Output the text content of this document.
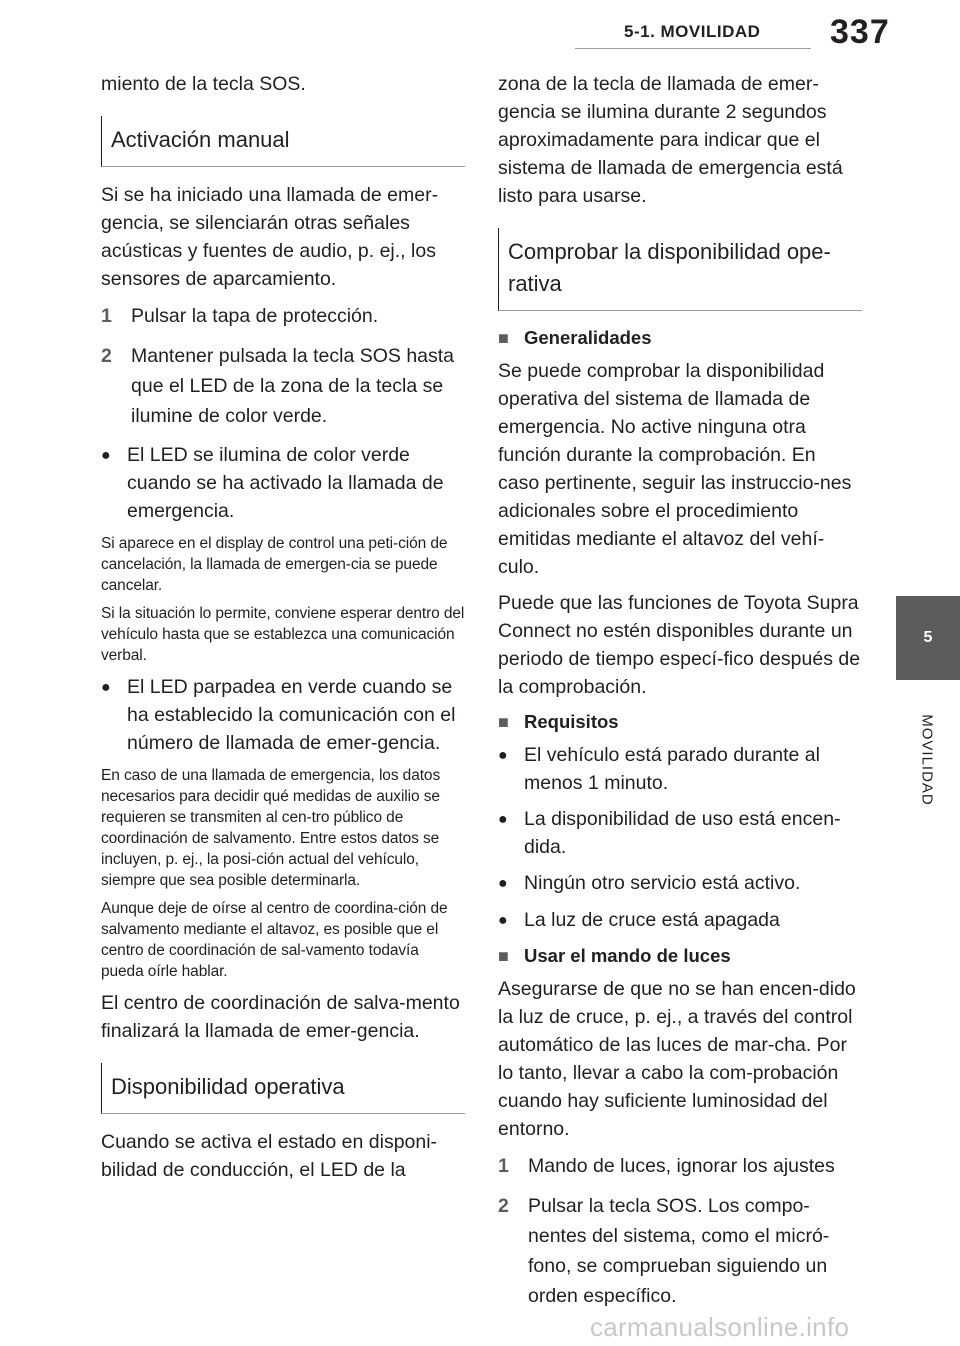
5-1. MOVILIDAD 337
5
MOVILIDAD

miento de la tecla SOS.

Activación manual

Si se ha iniciado una llamada de emer-gencia, se silenciarán otras señales acústicas y fuentes de audio, p. ej., los sensores de aparcamiento.

1 Pulsar la tapa de protección.
2 Mantener pulsada la tecla SOS hasta que el LED de la zona de la tecla se ilumine de color verde.
● El LED se ilumina de color verde cuando se ha activado la llamada de emergencia.

Si aparece en el display de control una peti-ción de cancelación, la llamada de emergen-cia se puede cancelar.

Si la situación lo permite, conviene esperar dentro del vehículo hasta que se establezca una comunicación verbal.

● El LED parpadea en verde cuando se ha establecido la comunicación con el número de llamada de emer-gencia.

En caso de una llamada de emergencia, los datos necesarios para decidir qué medidas de auxilio se requieren se transmiten al cen-tro público de coordinación de salvamento. Entre estos datos se incluyen, p. ej., la posi-ción actual del vehículo, siempre que sea posible determinarla.

Aunque deje de oírse al centro de coordina-ción de salvamento mediante el altavoz, es posible que el centro de coordinación de sal-vamento todavía pueda oírle hablar.

El centro de coordinación de salva-mento finalizará la llamada de emer-gencia.

Disponibilidad operativa

Cuando se activa el estado en disponi-bilidad de conducción, el LED de la

zona de la tecla de llamada de emer-gencia se ilumina durante 2 segundos aproximadamente para indicar que el sistema de llamada de emergencia está listo para usarse.

Comprobar la disponibilidad ope-rativa
■ Generalidades

Se puede comprobar la disponibilidad operativa del sistema de llamada de emergencia. No active ninguna otra función durante la comprobación. En caso pertinente, seguir las instruccio-nes adicionales sobre el procedimiento emitidas mediante el altavoz del vehí-culo.

Puede que las funciones de Toyota Supra Connect no estén disponibles durante un periodo de tiempo especí-fico después de la comprobación.

■ Requisitos
● El vehículo está parado durante al menos 1 minuto.
● La disponibilidad de uso está encen-dida.
● Ningún otro servicio está activo.
● La luz de cruce está apagada
■ Usar el mando de luces

Asegurarse de que no se han encen-dido la luz de cruce, p. ej., a través del control automático de las luces de mar-cha. Por lo tanto, llevar a cabo la com-probación cuando hay suficiente luminosidad del entorno.

1 Mando de luces, ignorar los ajustes
2 Pulsar la tecla SOS. Los compo-nentes del sistema, como el micró-fono, se comprueban siguiendo un orden específico.
carmanualsonline.info
